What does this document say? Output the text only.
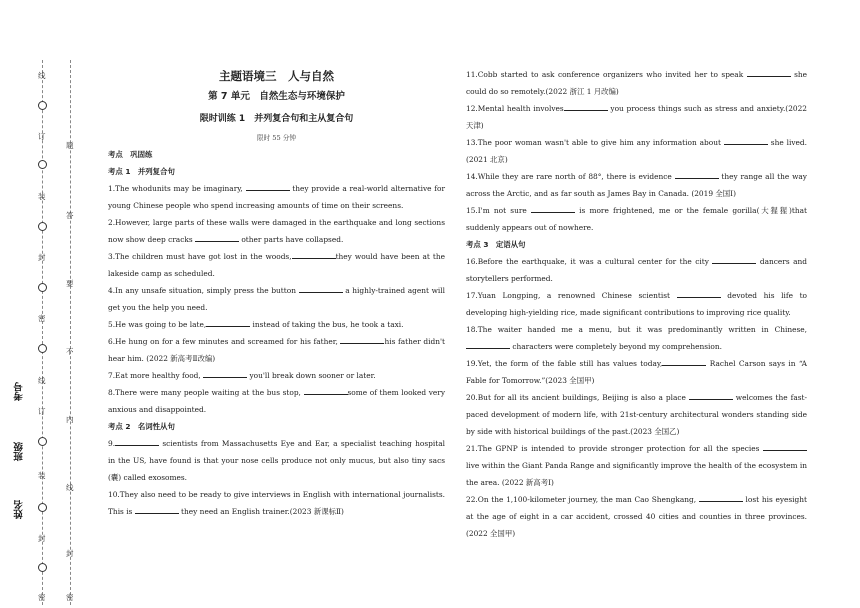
线
订
装
封
密
线
订
装
封
密
题
答
要
不
内
线
封
密
考号
班级
姓名
主题语境三　人与自然
第 7 单元　自然生态与环境保护
限时训练 1　并列复合句和主从复合句
限时 55 分钟
考点　巩固练
考点 1　并列复合句

1.The whodunits may be imaginary,	they provide a real-world alternative for young Chinese people who spend increasing amounts of time on their screens.

2.However, large parts of these walls were damaged in the earthquake and long sections now show deep cracks	other parts have collapsed.

3.The children must have got lost in the woods,	they would have been at the lakeside camp as scheduled.

4.In any unsafe situation, simply press the button	a highly-trained agent will get you the help you need.

5.He was going to be late,	instead of taking the bus, he took a taxi.

6.He hung on for a few minutes and screamed for his father,	his father didn't hear him. (2022 新高考Ⅱ改编)

7.Eat more healthy food,	you'll break down sooner or later.

8.There were many people waiting at the bus stop,	some of them looked very anxious and disappointed.

考点 2　名词性从句

9.	scientists from Massachusetts Eye and Ear, a specialist teaching hospital in the US, have found is that your nose cells produce not only mucus, but also tiny sacs (囊) called exosomes.

10.They also need to be ready to give interviews in English with international journalists. This is	they need an English trainer.(2023 新课标Ⅱ)

11.Cobb started to ask conference organizers who invited her to speak	she could do so remotely.(2022 浙江 1 月改编)

12.Mental health involves	you process things such as stress and anxiety.(2022 天津)

13.The poor woman wasn't able to give him any information about	she lived.(2021 北京)

14.While they are rare north of 88°, there is evidence	they range all the way across the Arctic, and as far south as James Bay in Canada. (2019 全国Ⅰ)

15.I'm not sure	is more frightened, me or the female gorilla(大猩猩)that suddenly appears out of nowhere.

考点 3　定语从句

16.Before the earthquake, it was a cultural center for the city	dancers and storytellers performed.

17.Yuan Longping, a renowned Chinese scientist	devoted his life to developing high-yielding rice, made significant contributions to improving rice quality.

18.The waiter handed me a menu, but it was predominantly written in Chinese,  characters were completely beyond my comprehension.

19.Yet, the form of the fable still has values today,	Rachel Carson says in “A Fable for Tomorrow.”(2023 全国甲)

20.But for all its ancient buildings, Beijing is also a place	welcomes the fast-paced development of modern life, with 21st-century architectural wonders standing side by side with historical buildings of the past.(2023 全国乙)

21.The GPNP is intended to provide stronger protection for all the species  live within the Giant Panda Range and significantly improve the health of the ecosystem in the area. (2022 新高考Ⅰ)

22.On the 1,100-kilometer journey, the man Cao Shengkang,	lost his eyesight at the age of eight in a car accident, crossed 40 cities and counties in three provinces. (2022 全国甲)
